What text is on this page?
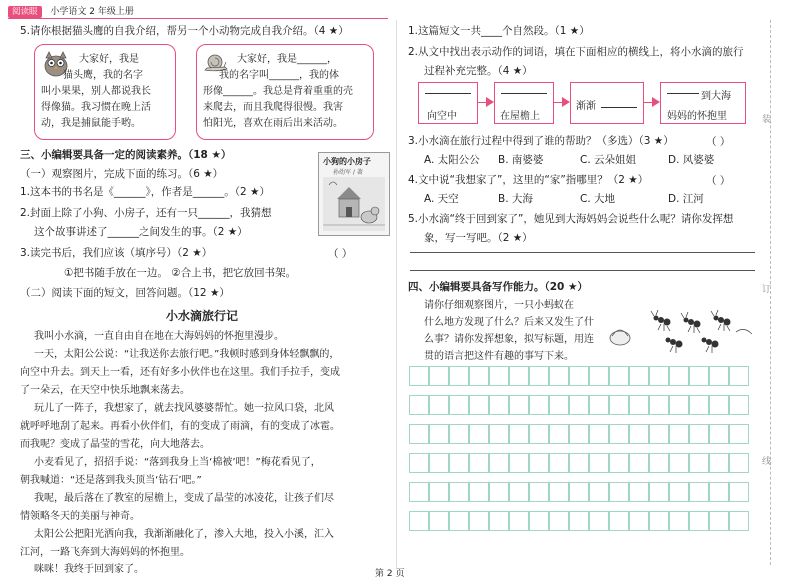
阅读眼 小学语文 2 年级上册
5.请你根据猫头鹰的自我介绍，帮另一个小动物完成自我介绍。（4 ★）
大家好，我是
猫头鹰，我的名字
叫小果果，别人都说我长
得像猫。我习惯在晚上活
动，我是捕鼠能手哟。
大家好，我是______，
我的名字叫______，我的体
形像______。我总是背着重重的壳
来爬去，而且我爬得很慢。我害
怕阳光，喜欢在雨后出来活动。
三、小编辑要具备一定的阅读素养。（18 ★）
（一）观察图片，完成下面的练习。（6 ★）
小狗的小房子
孙幼军 / 著
1.这本书的书名是《______》，作者是______。（2 ★）
2.封面上除了小狗、小房子，还有一只______，我猜想
这个故事讲述了______之间发生的事。（2 ★）
3.读完书后，我们应该（填序号）（2 ★）	（ ）
①把书随手放在一边。 ②合上书，把它放回书架。
（二）阅读下面的短文，回答问题。（12 ★）
小水滴旅行记
我叫小水滴，一直自由自在地在大海妈妈的怀抱里漫步。
一天，太阳公公说：“让我送你去旅行吧。”我顿时感到身体轻飘飘的，
向空中升去。到天上一看，还有好多小伙伴也在这里。我们手拉手，变成
了一朵云，在天空中快乐地飘来荡去。
玩儿了一阵子，我想家了，就去找风婆婆帮忙。她一拉风口袋，北风
就呼呼地刮了起来。再看小伙伴们，有的变成了雨滴，有的变成了冰雹。
而我呢？变成了晶莹的雪花，向大地落去。
小麦看见了，招招手说：“落到我身上当‘棉被’吧！”梅花看见了，
朝我喊道：“还是落到我头顶当‘钻石’吧。”
我呢，最后落在了教室的屋檐上，变成了晶莹的冰凌花，让孩子们尽
情领略冬天的美丽与神奇。
太阳公公把阳光洒向我，我渐渐融化了，渗入大地，投入小溪，汇入
江河，一路飞奔到大海妈妈的怀抱里。
咪咪！我终于回到家了。
1.这篇短文一共____个自然段。（1 ★）
2.从文中找出表示动作的词语，填在下面相应的横线上，将小水滴的旅行
过程补充完整。（4 ★）
向空中	在屋檐上
渐渐
到大海
妈妈的怀抱里
3.小水滴在旅行过程中得到了谁的帮助？（多选）（3 ★）	（ ）
A. 太阳公公 B. 南婆婆	C. 云朵姐姐	D. 风婆婆
4.文中说“我想家了”，这里的“家”指哪里？（2 ★）	（ ）
A. 天空	B. 大海	C. 大地	D. 江河
5.小水滴“终于回到家了”，她见到大海妈妈会说些什么呢？请你发挥想
象，写一写吧。（2 ★）
四、小编辑要具备写作能力。（20 ★）
请你仔细观察图片，一只小蚂蚁在
什么地方发现了什么？后来又发生了什
么事？请你发挥想象，拟写标题，用连
贯的语言把这件有趣的事写下来。
装
订
线
第 2 页
